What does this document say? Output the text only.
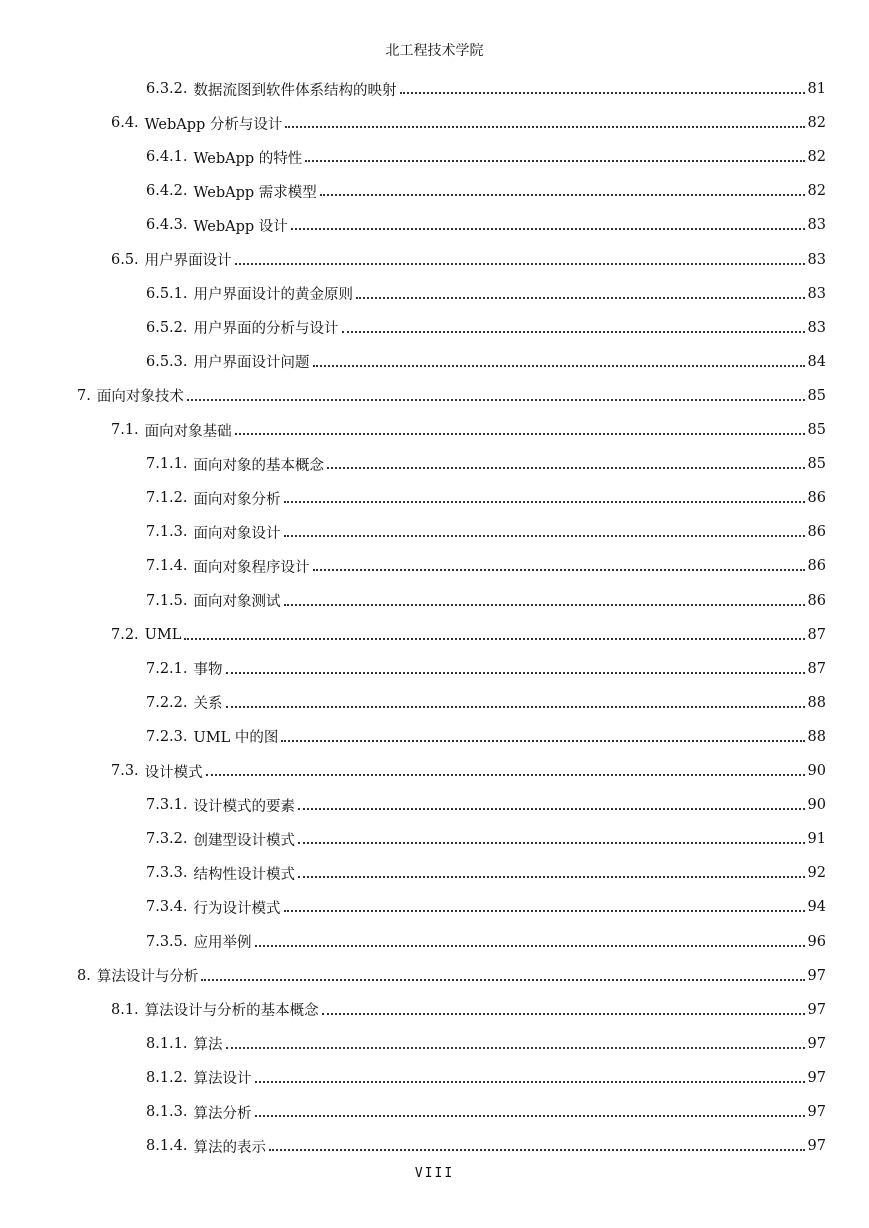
北工程技术学院
6.3.2. 数据流图到软件体系结构的映射	81
6.4. WebApp 分析与设计	82
6.4.1. WebApp 的特性	82
6.4.2. WebApp 需求模型	82
6.4.3. WebApp 设计	83
6.5. 用户界面设计	83
6.5.1. 用户界面设计的黄金原则	83
6.5.2. 用户界面的分析与设计	83
6.5.3. 用户界面设计问题	84
7. 面向对象技术	85
7.1. 面向对象基础	85
7.1.1. 面向对象的基本概念	85
7.1.2. 面向对象分析	86
7.1.3. 面向对象设计	86
7.1.4. 面向对象程序设计	86
7.1.5. 面向对象测试	86
7.2. UML	87
7.2.1. 事物	87
7.2.2. 关系	88
7.2.3. UML 中的图	88
7.3. 设计模式	90
7.3.1. 设计模式的要素	90
7.3.2. 创建型设计模式	91
7.3.3. 结构性设计模式	92
7.3.4. 行为设计模式	94
7.3.5. 应用举例	96
8. 算法设计与分析	97
8.1. 算法设计与分析的基本概念	97
8.1.1. 算法	97
8.1.2. 算法设计	97
8.1.3. 算法分析	97
8.1.4. 算法的表示	97
VIII
